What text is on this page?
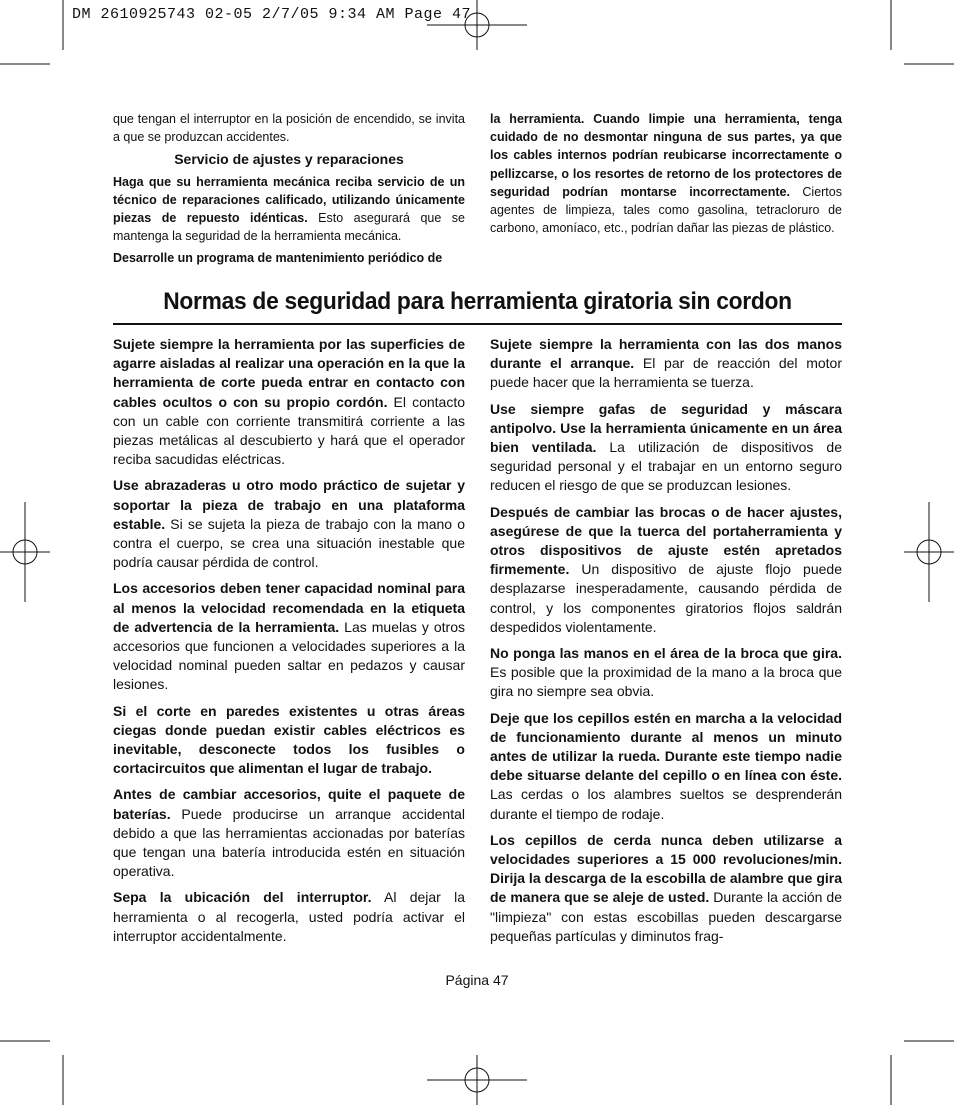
DM 2610925743 02-05 2/7/05 9:34 AM Page 47

que tengan el interruptor en la posición de encendido, se invita a que se produzcan accidentes.

Servicio de ajustes y reparaciones

Haga que su herramienta mecánica reciba servicio de un técnico de reparaciones calificado, utilizando únicamente piezas de repuesto idénticas. Esto asegurará que se mantenga la seguridad de la herramienta mecánica.

Desarrolle un programa de mantenimiento periódico de

la herramienta. Cuando limpie una herramienta, tenga cuidado de no desmontar ninguna de sus partes, ya que los cables internos podrían reubicarse incorrectamente o pellizcarse, o los resortes de retorno de los protectores de seguridad podrían montarse incorrectamente. Ciertos agentes de limpieza, tales como gasolina, tetracloruro de carbono, amoníaco, etc., podrían dañar las piezas de plástico.

Normas de seguridad para herramienta giratoria sin cordon

Sujete siempre la herramienta por las superficies de agarre aisladas al realizar una operación en la que la herramienta de corte pueda entrar en contacto con cables ocultos o con su propio cordón. El contacto con un cable con corriente transmitirá corriente a las piezas metálicas al descubierto y hará que el operador reciba sacudidas eléctricas.

Use abrazaderas u otro modo práctico de sujetar y soportar la pieza de trabajo en una plataforma estable. Si se sujeta la pieza de trabajo con la mano o contra el cuerpo, se crea una situación inestable que podría causar pérdida de control.

Los accesorios deben tener capacidad nominal para al menos la velocidad recomendada en la etiqueta de advertencia de la herramienta. Las muelas y otros accesorios que funcionen a velocidades superiores a la velocidad nominal pueden saltar en pedazos y causar lesiones.

Si el corte en paredes existentes u otras áreas ciegas donde puedan existir cables eléctricos es inevitable, desconecte todos los fusibles o cortacircuitos que alimentan el lugar de trabajo.

Antes de cambiar accesorios, quite el paquete de baterías. Puede producirse un arranque accidental debido a que las herramientas accionadas por baterías que tengan una batería introducida estén en situación operativa.

Sepa la ubicación del interruptor. Al dejar la herramienta o al recogerla, usted podría activar el interruptor accidentalmente.

Sujete siempre la herramienta con las dos manos durante el arranque. El par de reacción del motor puede hacer que la herramienta se tuerza.

Use siempre gafas de seguridad y máscara antipolvo. Use la herramienta únicamente en un área bien ventilada. La utilización de dispositivos de seguridad personal y el trabajar en un entorno seguro reducen el riesgo de que se produzcan lesiones.

Después de cambiar las brocas o de hacer ajustes, asegúrese de que la tuerca del portaherramienta y otros dispositivos de ajuste estén apretados firmemente. Un dispositivo de ajuste flojo puede desplazarse inesperadamente, causando pérdida de control, y los componentes giratorios flojos saldrán despedidos violentamente.

No ponga las manos en el área de la broca que gira. Es posible que la proximidad de la mano a la broca que gira no siempre sea obvia.

Deje que los cepillos estén en marcha a la velocidad de funcionamiento durante al menos un minuto antes de utilizar la rueda. Durante este tiempo nadie debe situarse delante del cepillo o en línea con éste. Las cerdas o los alambres sueltos se desprenderán durante el tiempo de rodaje.

Los cepillos de cerda nunca deben utilizarse a velocidades superiores a 15 000 revoluciones/min. Dirija la descarga de la escobilla de alambre que gira de manera que se aleje de usted. Durante la acción de "limpieza" con estas escobillas pueden descargarse pequeñas partículas y diminutos frag-

Página 47
